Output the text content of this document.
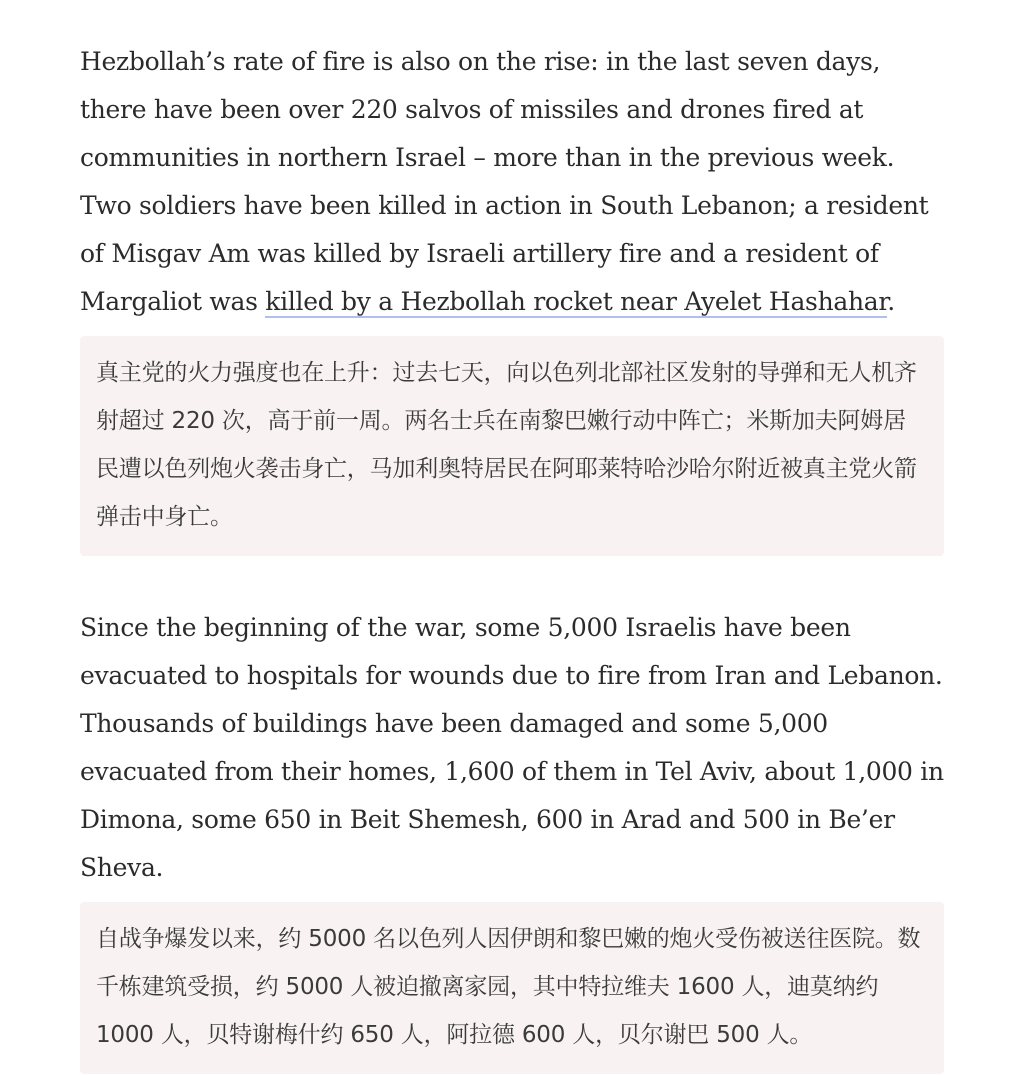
Hezbollah’s rate of fire is also on the rise: in the last seven days, there have been over 220 salvos of missiles and drones fired at communities in northern Israel – more than in the previous week. Two soldiers have been killed in action in South Lebanon; a resident of Misgav Am was killed by Israeli artillery fire and a resident of Margaliot was killed by a Hezbollah rocket near Ayelet Hashahar.

真主党的火力强度也在上升：过去七天，向以色列北部社区发射的导弹和无人机齐射超过 220 次，高于前一周。两名士兵在南黎巴嫩行动中阵亡；米斯加夫阿姆居民遭以色列炮火袭击身亡，马加利奥特居民在阿耶莱特哈沙哈尔附近被真主党火箭弹击中身亡。

Since the beginning of the war, some 5,000 Israelis have been evacuated to hospitals for wounds due to fire from Iran and Lebanon. Thousands of buildings have been damaged and some 5,000 evacuated from their homes, 1,600 of them in Tel Aviv, about 1,000 in Dimona, some 650 in Beit Shemesh, 600 in Arad and 500 in Be’er Sheva.

自战争爆发以来，约 5000 名以色列人因伊朗和黎巴嫩的炮火受伤被送往医院。数千栋建筑受损，约 5000 人被迫撤离家园，其中特拉维夫 1600 人，迪莫纳约 1000 人，贝特谢梅什约 650 人，阿拉德 600 人，贝尔谢巴 500 人。
